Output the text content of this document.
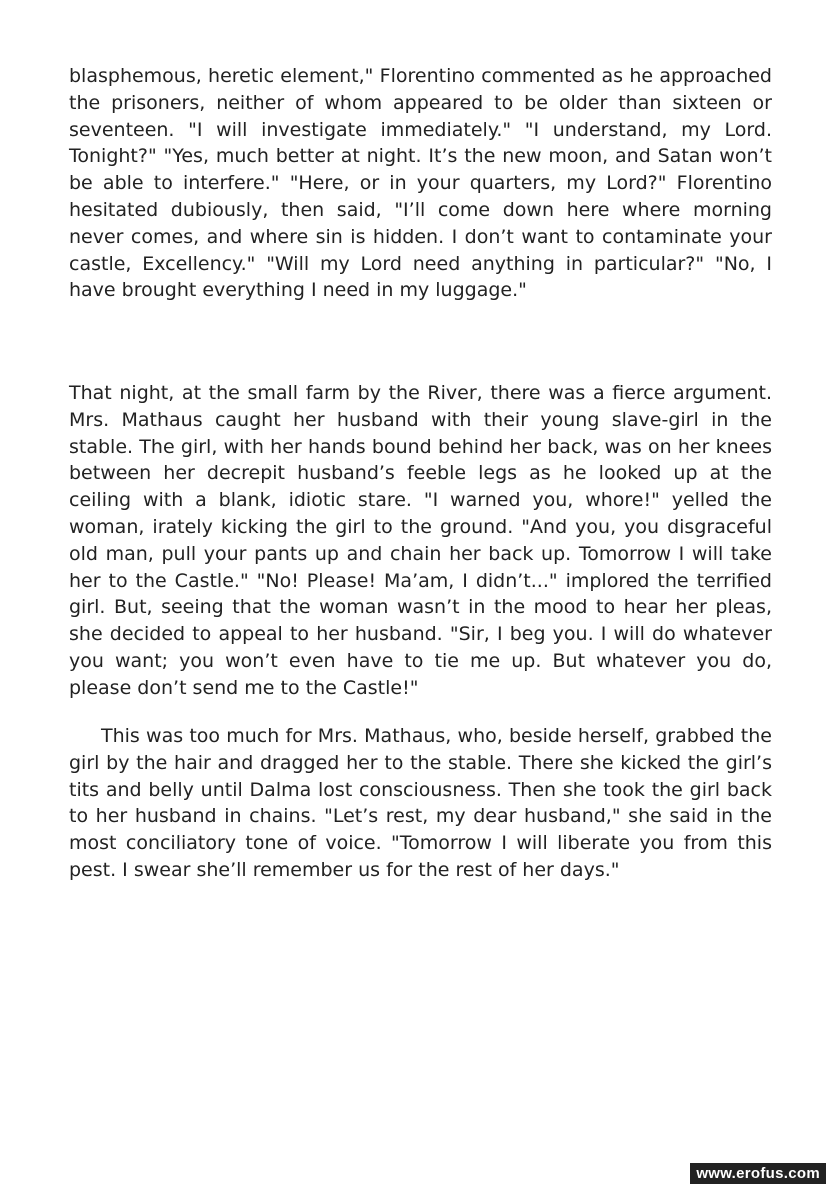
blasphemous, heretic element," Florentino commented as he approached the prisoners, neither of whom appeared to be older than sixteen or seventeen. "I will investigate immediately." "I understand, my Lord. Tonight?" "Yes, much better at night. It’s the new moon, and Satan won’t be able to interfere." "Here, or in your quarters, my Lord?" Florentino hesitated dubiously, then said, "I’ll come down here where morning never comes, and where sin is hidden. I don’t want to contaminate your castle, Excellency." "Will my Lord need anything in particular?" "No, I have brought everything I need in my luggage."

That night, at the small farm by the River, there was a fierce argument. Mrs. Mathaus caught her husband with their young slave-girl in the stable. The girl, with her hands bound behind her back, was on her knees between her decrepit husband’s feeble legs as he looked up at the ceiling with a blank, idiotic stare. "I warned you, whore!" yelled the woman, irately kicking the girl to the ground. "And you, you disgraceful old man, pull your pants up and chain her back up. Tomorrow I will take her to the Castle." "No! Please! Ma’am, I didn’t..." implored the terrified girl. But, seeing that the woman wasn’t in the mood to hear her pleas, she decided to appeal to her husband. "Sir, I beg you. I will do whatever you want; you won’t even have to tie me up. But whatever you do, please don’t send me to the Castle!"

This was too much for Mrs. Mathaus, who, beside herself, grabbed the girl by the hair and dragged her to the stable. There she kicked the girl’s tits and belly until Dalma lost consciousness. Then she took the girl back to her husband in chains. "Let’s rest, my dear husband," she said in the most conciliatory tone of voice. "Tomorrow I will liberate you from this pest. I swear she’ll remember us for the rest of her days."

www.erofus.com
